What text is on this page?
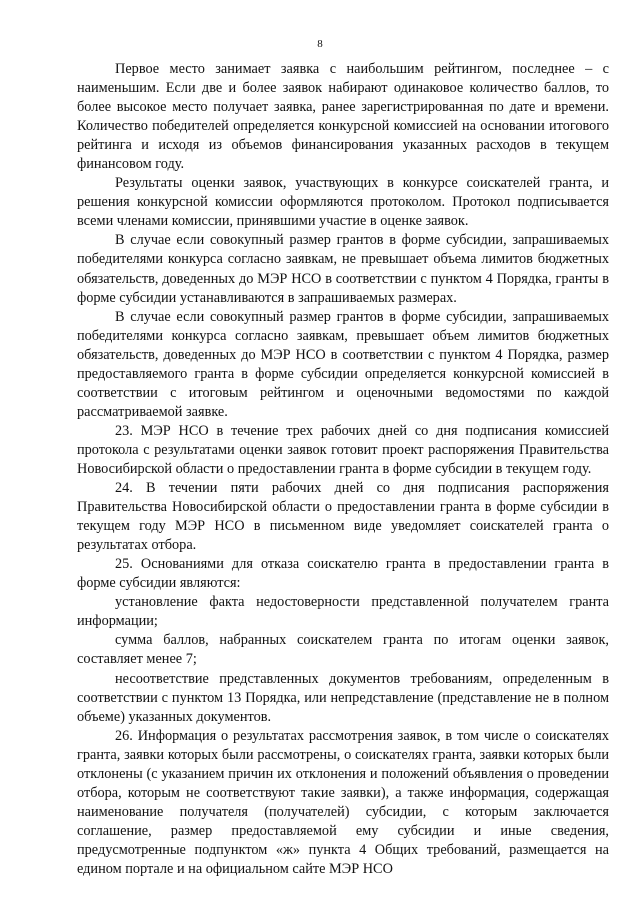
8

Первое место занимает заявка с наибольшим рейтингом, последнее – с наименьшим. Если две и более заявок набирают одинаковое количество баллов, то более высокое место получает заявка, ранее зарегистрированная по дате и времени. Количество победителей определяется конкурсной комиссией на основании итогового рейтинга и исходя из объемов финансирования указанных расходов в текущем финансовом году.

Результаты оценки заявок, участвующих в конкурсе соискателей гранта, и решения конкурсной комиссии оформляются протоколом. Протокол подписывается всеми членами комиссии, принявшими участие в оценке заявок.

В случае если совокупный размер грантов в форме субсидии, запрашиваемых победителями конкурса согласно заявкам, не превышает объема лимитов бюджетных обязательств, доведенных до МЭР НСО в соответствии с пунктом 4 Порядка, гранты в форме субсидии устанавливаются в запрашиваемых размерах.

В случае если совокупный размер грантов в форме субсидии, запрашиваемых победителями конкурса согласно заявкам, превышает объем лимитов бюджетных обязательств, доведенных до МЭР НСО в соответствии с пунктом 4 Порядка, размер предоставляемого гранта в форме субсидии определяется конкурсной комиссией в соответствии с итоговым рейтингом и оценочными ведомостями по каждой рассматриваемой заявке.

23. МЭР НСО в течение трех рабочих дней со дня подписания комиссией протокола с результатами оценки заявок готовит проект распоряжения Правительства Новосибирской области о предоставлении гранта в форме субсидии в текущем году.

24. В течении пяти рабочих дней со дня подписания распоряжения Правительства Новосибирской области о предоставлении гранта в форме субсидии в текущем году МЭР НСО в письменном виде уведомляет соискателей гранта о результатах отбора.

25. Основаниями для отказа соискателю гранта в предоставлении гранта в форме субсидии являются:

установление факта недостоверности представленной получателем гранта информации;

сумма баллов, набранных соискателем гранта по итогам оценки заявок, составляет менее 7;

несоответствие представленных документов требованиям, определенным в соответствии с пунктом 13 Порядка, или непредставление (представление не в полном объеме) указанных документов.

26. Информация о результатах рассмотрения заявок, в том числе о соискателях гранта, заявки которых были рассмотрены, о соискателях гранта, заявки которых были отклонены (с указанием причин их отклонения и положений объявления о проведении отбора, которым не соответствуют такие заявки), а также информация, содержащая наименование получателя (получателей) субсидии, с которым заключается соглашение, размер предоставляемой ему субсидии и иные сведения, предусмотренные подпунктом «ж» пункта 4 Общих требований, размещается на едином портале и на официальном сайте МЭР НСО
